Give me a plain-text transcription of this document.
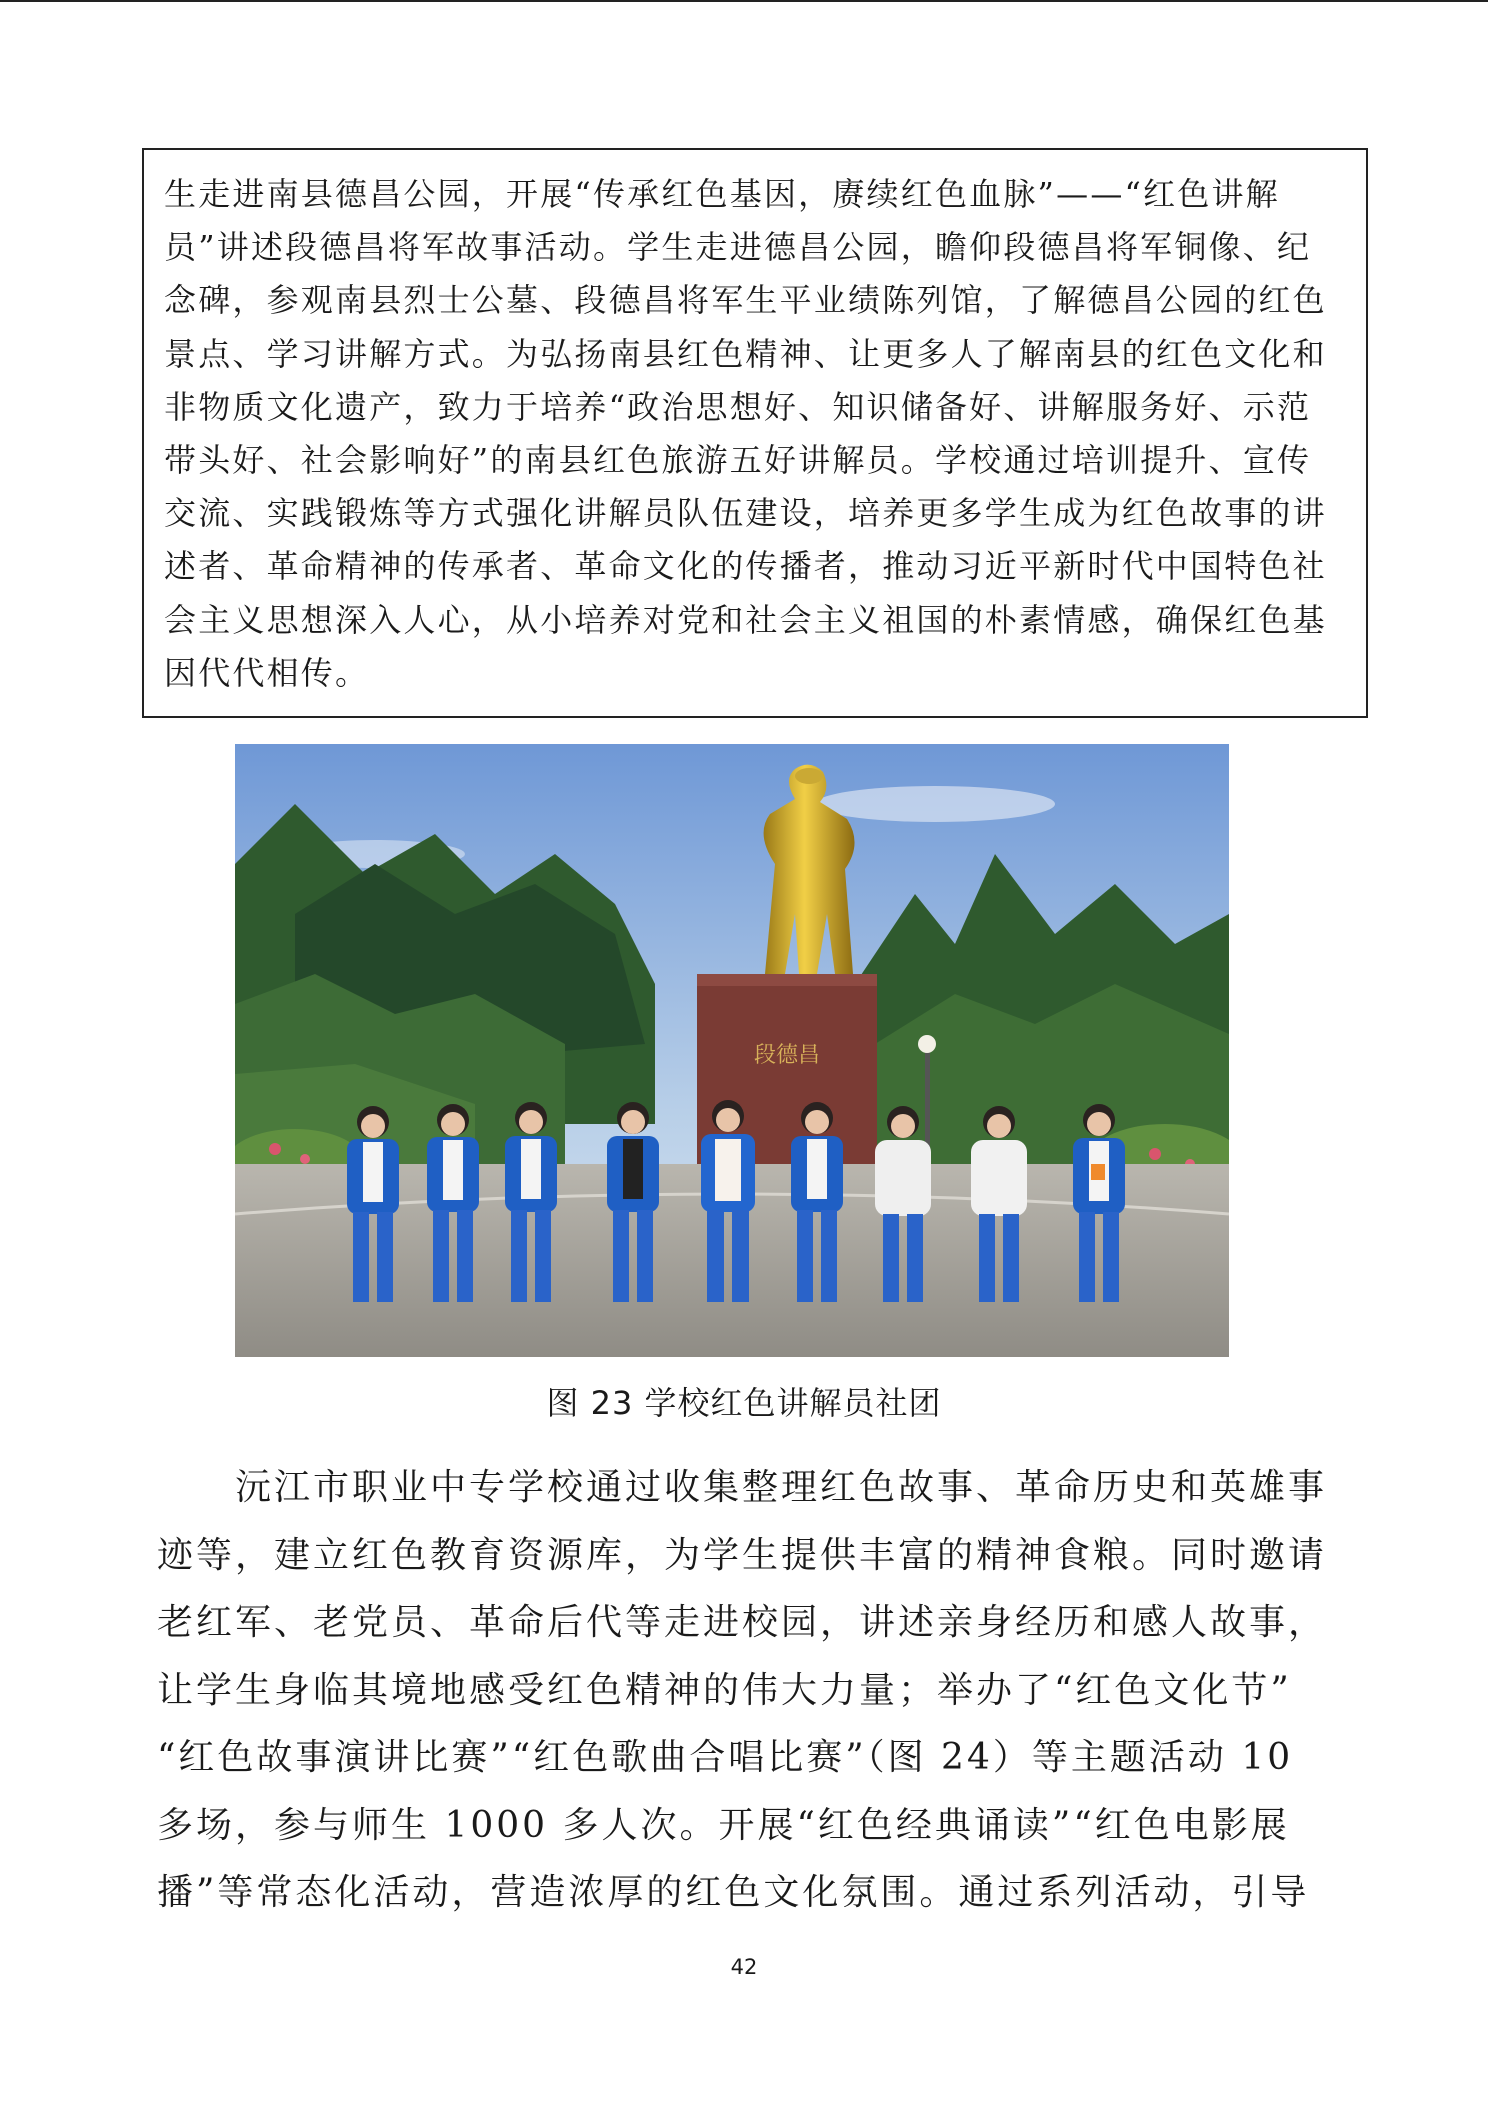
生走进南县德昌公园，开展“传承红色基因，赓续红色血脉”——“红色讲解
员”讲述段德昌将军故事活动。学生走进德昌公园，瞻仰段德昌将军铜像、纪
念碑，参观南县烈士公墓、段德昌将军生平业绩陈列馆，了解德昌公园的红色
景点、学习讲解方式。为弘扬南县红色精神、让更多人了解南县的红色文化和
非物质文化遗产，致力于培养“政治思想好、知识储备好、讲解服务好、示范
带头好、社会影响好”的南县红色旅游五好讲解员。学校通过培训提升、宣传
交流、实践锻炼等方式强化讲解员队伍建设，培养更多学生成为红色故事的讲
述者、革命精神的传承者、革命文化的传播者，推动习近平新时代中国特色社
会主义思想深入人心，从小培养对党和社会主义祖国的朴素情感，确保红色基
因代代相传。

段德昌
图 23 学校红色讲解员社团

　　沅江市职业中专学校通过收集整理红色故事、革命历史和英雄事
迹等，建立红色教育资源库，为学生提供丰富的精神食粮。同时邀请
老红军、老党员、革命后代等走进校园，讲述亲身经历和感人故事，
让学生身临其境地感受红色精神的伟大力量；举办了“红色文化节”
“红色故事演讲比赛”“红色歌曲合唱比赛”（图 24）等主题活动 10
多场，参与师生 1000 多人次。开展“红色经典诵读”“红色电影展
播”等常态化活动，营造浓厚的红色文化氛围。通过系列活动，引导

42
